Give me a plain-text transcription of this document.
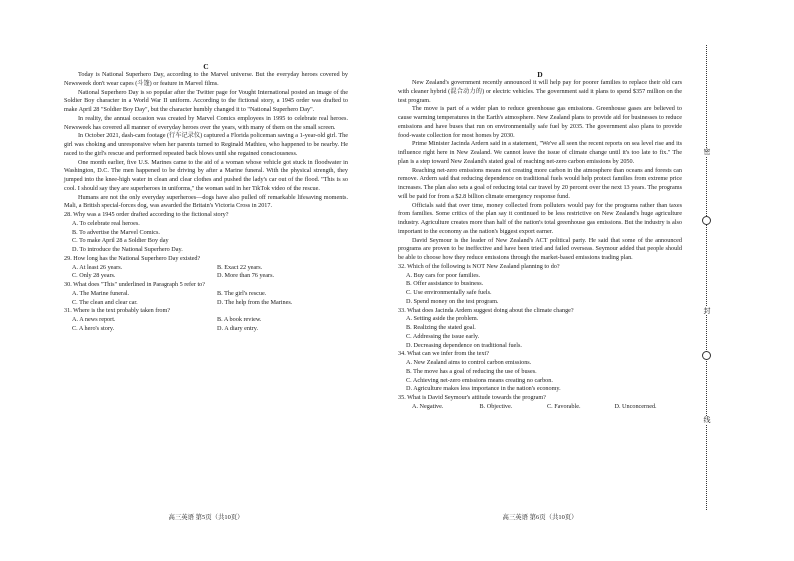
C

Today is National Superhero Day, according to the Marvel universe. But the everyday heroes covered by Newsweek don't wear capes (斗篷) or feature in Marvel films.

National Superhero Day is so popular after the Twitter page for Vought International posted an image of the Soldier Boy character in a World War II uniform. According to the fictional story, a 1945 order was drafted to make April 28 "Soldier Boy Day", but the character humbly changed it to "National Superhero Day".

In reality, the annual occasion was created by Marvel Comics employees in 1995 to celebrate real heroes. Newsweek has covered all manner of everyday heroes over the years, with many of them on the small screen.

In October 2021, dash-cam footage (行车记录仪) captured a Florida policeman saving a 1-year-old girl. The girl was choking and unresponsive when her parents turned to Reginald Mathieu, who happened to be nearby. He raced to the girl's rescue and performed repeated back blows until she regained consciousness.

One month earlier, five U.S. Marines came to the aid of a woman whose vehicle got stuck in floodwater in Washington, D.C. The men happened to be driving by after a Marine funeral. With the physical strength, they jumped into the knee-high water in clean and clear clothes and pushed the lady's car out of the flood. "This is so cool. I should say they are superheroes in uniforms," the woman said in her TikTok video of the rescue.

Humans are not the only everyday superheroes—dogs have also pulled off remarkable lifesaving moments. Mali, a British special-forces dog, was awarded the Britain's Victoria Cross in 2017.

28. Why was a 1945 order drafted according to the fictional story?

A. To celebrate real heroes.

B. To advertise the Marvel Comics.

C. To make April 28 a Soldier Boy day

D. To introduce the National Superhero Day.

29. How long has the National Superhero Day existed?

A. At least 26 years.	B. Exact 22 years.
C. Only 28 years.	D. More than 76 years.

30. What does "This" underlined in Paragraph 5 refer to?

A. The Marine funeral.	B. The girl's rescue.
C. The clean and clear car.	D. The help from the Marines.

31. Where is the text probably taken from?

A. A news report.	B. A book review.
C. A hero's story.	D. A diary entry.
高三英语 第5页（共10页）

D

New Zealand's government recently announced it will help pay for poorer families to replace their old cars with cleaner hybrid (混合动力的) or electric vehicles. The government said it plans to spend $357 million on the test program.

The move is part of a wider plan to reduce greenhouse gas emissions. Greenhouse gases are believed to cause warming temperatures in the Earth's atmosphere. New Zealand plans to provide aid for businesses to reduce emissions and have buses that run on environmentally safe fuel by 2035. The government also plans to provide food-waste collection for most homes by 2030.

Prime Minister Jacinda Ardern said in a statement, "We've all seen the recent reports on sea level rise and its influence right here in New Zealand. We cannot leave the issue of climate change until it's too late to fix." The plan is a step toward New Zealand's stated goal of reaching net-zero carbon emissions by 2050.

Reaching net-zero emissions means not creating more carbon in the atmosphere than oceans and forests can remove. Ardern said that reducing dependence on traditional fuels would help protect families from extreme price increases. The plan also sets a goal of reducing total car travel by 20 percent over the next 13 years. The programs will be paid for from a $2.8 billion climate emergency response fund.

Officials said that over time, money collected from polluters would pay for the programs rather than taxes from families. Some critics of the plan say it continued to be less restrictive on New Zealand's huge agriculture industry. Agriculture creates more than half of the nation's total greenhouse gas emissions. But the industry is also important to the economy as the nation's biggest export earner.

David Seymour is the leader of New Zealand's ACT political party. He said that some of the announced programs are proven to be ineffective and have been tried and failed overseas. Seymour added that people should be able to choose how they reduce emissions through the market-based emissions trading plan.

32. Which of the following is NOT New Zealand planning to do?

A. Buy cars for poor families.

B. Offer assistance to business.

C. Use environmentally safe fuels.

D. Spend money on the test program.

33. What does Jacinda Ardem suggest doing about the climate change?

A. Setting aside the problem.

B. Realizing the stated goal.

C. Addressing the issue early.

D. Decreasing dependence on traditional fuels.

34. What can we infer from the text?

A. New Zealand aims to control carbon emissions.

B. The move has a goal of reducing the use of buses.

C. Achieving net-zero emissions means creating no carbon.

D. Agriculture makes less importance in the nation's economy.

35. What is David Seymour's attitude towards the program?

A. Negative.	B. Objective.	C. Favorable.	D. Unconcerned.
高三英语 第6页（共10页）
密
封
线
